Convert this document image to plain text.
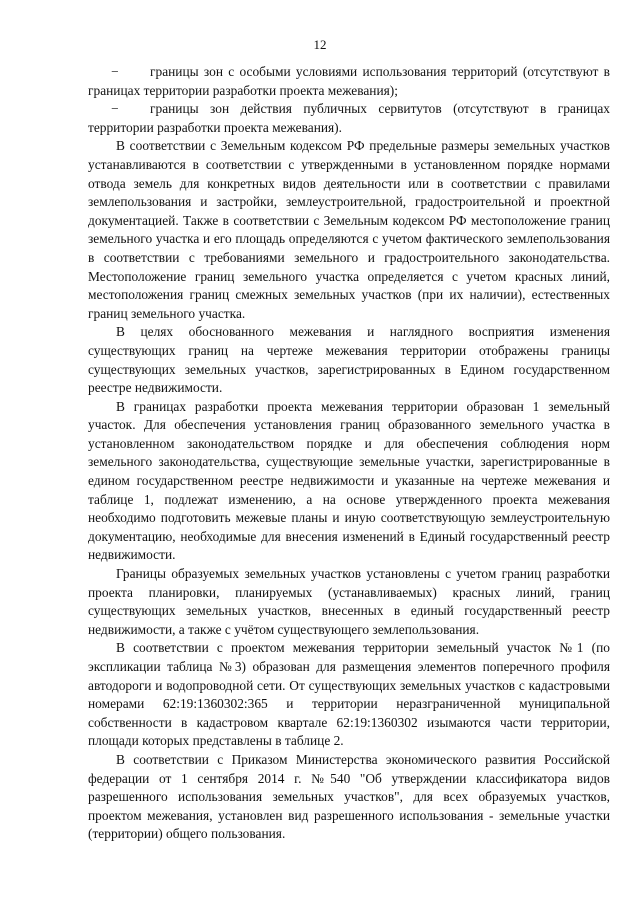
12

− границы зон с особыми условиями использования территорий (отсутствуют в границах территории разработки проекта межевания);

− границы зон действия публичных сервитутов (отсутствуют в границах территории разработки проекта межевания).

В соответствии с Земельным кодексом РФ предельные размеры земельных участков устанавливаются в соответствии с утвержденными в установленном порядке нормами отвода земель для конкретных видов деятельности или в соответствии с правилами землепользования и застройки, землеустроительной, градостроительной и проектной документацией. Также в соответствии с Земельным кодексом РФ местоположение границ земельного участка и его площадь определяются с учетом фактического землепользования в соответствии с требованиями земельного и градостроительного законодательства. Местоположение границ земельного участка определяется с учетом красных линий, местоположения границ смежных земельных участков (при их наличии), естественных границ земельного участка.

В целях обоснованного межевания и наглядного восприятия изменения существующих границ на чертеже межевания территории отображены границы существующих земельных участков, зарегистрированных в Едином государственном реестре недвижимости.

В границах разработки проекта межевания территории образован 1 земельный участок. Для обеспечения установления границ образованного земельного участка в установленном законодательством порядке и для обеспечения соблюдения норм земельного законодательства, существующие земельные участки, зарегистрированные в едином государственном реестре недвижимости и указанные на чертеже межевания и таблице 1, подлежат изменению, а на основе утвержденного проекта межевания необходимо подготовить межевые планы и иную соответствующую землеустроительную документацию, необходимые для внесения изменений в Единый государственный реестр недвижимости.

Границы образуемых земельных участков установлены с учетом границ разработки проекта планировки, планируемых (устанавливаемых) красных линий, границ существующих земельных участков, внесенных в единый государственный реестр недвижимости, а также с учётом существующего землепользования.

В соответствии с проектом межевания территории земельный участок №1 (по экспликации таблица №3) образован для размещения элементов поперечного профиля автодороги и водопроводной сети. От существующих земельных участков с кадастровыми номерами 62:19:1360302:365 и территории неразграниченной муниципальной собственности в кадастровом квартале 62:19:1360302 изымаются части территории, площади которых представлены в таблице 2.

В соответствии с Приказом Министерства экономического развития Российской федерации от 1 сентября 2014 г. №540 "Об утверждении классификатора видов разрешенного использования земельных участков", для всех образуемых участков, проектом межевания, установлен вид разрешенного использования - земельные участки (территории) общего пользования.
